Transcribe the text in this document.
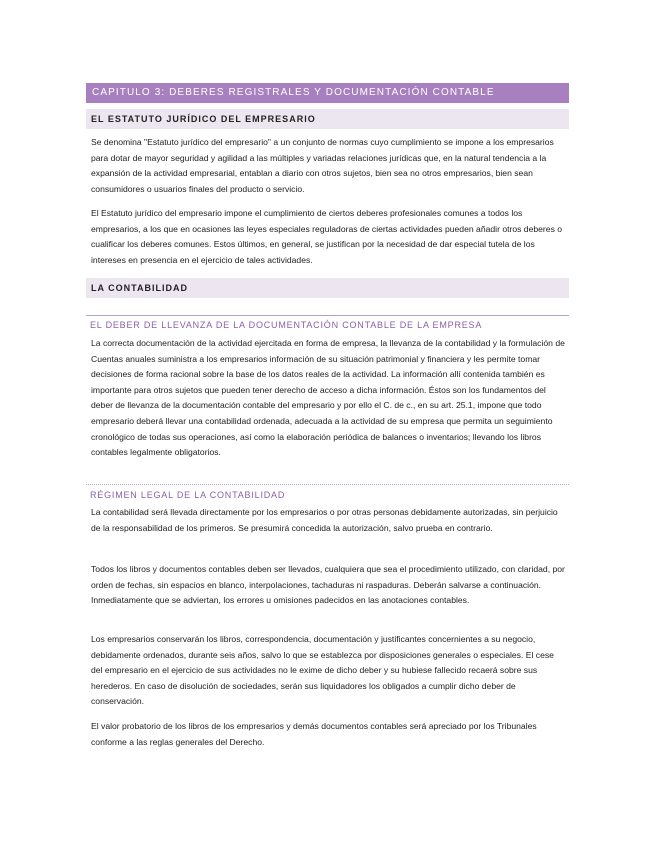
CAPITULO 3: DEBERES REGISTRALES Y DOCUMENTACIÓN CONTABLE
EL ESTATUTO JURÍDICO DEL EMPRESARIO

Se denomina "Estatuto jurídico del empresario" a un conjunto de normas cuyo cumplimiento se impone a los empresarios para dotar de mayor seguridad y agilidad a las múltiples y variadas relaciones jurídicas que, en la natural tendencia a la expansión de la actividad empresarial, entablan a diario con otros sujetos, bien sea no otros empresarios, bien sean consumidores o usuarios finales del producto o servicio.

El Estatuto jurídico del empresario impone el cumplimiento de ciertos deberes profesionales comunes a todos los empresarios, a los que en ocasiones las leyes especiales reguladoras de ciertas actividades pueden añadir otros deberes o cualificar los deberes comunes. Estos últimos, en general, se justifican por la necesidad de dar especial tutela de los intereses en presencia en el ejercicio de tales actividades.

LA CONTABILIDAD
EL DEBER DE LLEVANZA DE LA DOCUMENTACIÓN CONTABLE DE LA EMPRESA

La correcta documentación de la actividad ejercitada en forma de empresa, la llevanza de la contabilidad y la formulación de Cuentas anuales suministra a los empresarios información de su situación patrimonial y financiera y les permite tomar decisiones de forma racional sobre la base de los datos reales de la actividad. La información allí contenida también es importante para otros sujetos que pueden tener derecho de acceso a dicha información. Éstos son los fundamentos del deber de llevanza de la documentación contable del empresario y por ello el C. de c., en su art. 25.1, impone que todo empresario deberá llevar una contabilidad ordenada, adecuada a la actividad de su empresa que permita un seguimiento cronológico de todas sus operaciones, así como la elaboración periódica de balances o inventarios; llevando los libros contables legalmente obligatorios.

RÉGIMEN LEGAL DE LA CONTABILIDAD

La contabilidad será llevada directamente por los empresarios o por otras personas debidamente autorizadas, sin perjuicio de la responsabilidad de los primeros. Se presumirá concedida la autorización, salvo prueba en contrario.

Todos los libros y documentos contables deben ser llevados, cualquiera que sea el procedimiento utilizado, con claridad, por orden de fechas, sin espacios en blanco, interpolaciones, tachaduras ni raspaduras. Deberán salvarse a continuación. Inmediatamente que se adviertan, los errores u omisiones padecidos en las anotaciones contables.

Los empresarios conservarán los libros, correspondencia, documentación y justificantes concernientes a su negocio, debidamente ordenados, durante seis años, salvo lo que se establezca por disposiciones generales o especiales. El cese del empresario en el ejercicio de sus actividades no le exime de dicho deber y su hubiese fallecido recaerá sobre sus herederos. En caso de disolución de sociedades, serán sus liquidadores los obligados a cumplir dicho deber de conservación.

El valor probatorio de los libros de los empresarios y demás documentos contables será apreciado por los Tribunales conforme a las reglas generales del Derecho.
